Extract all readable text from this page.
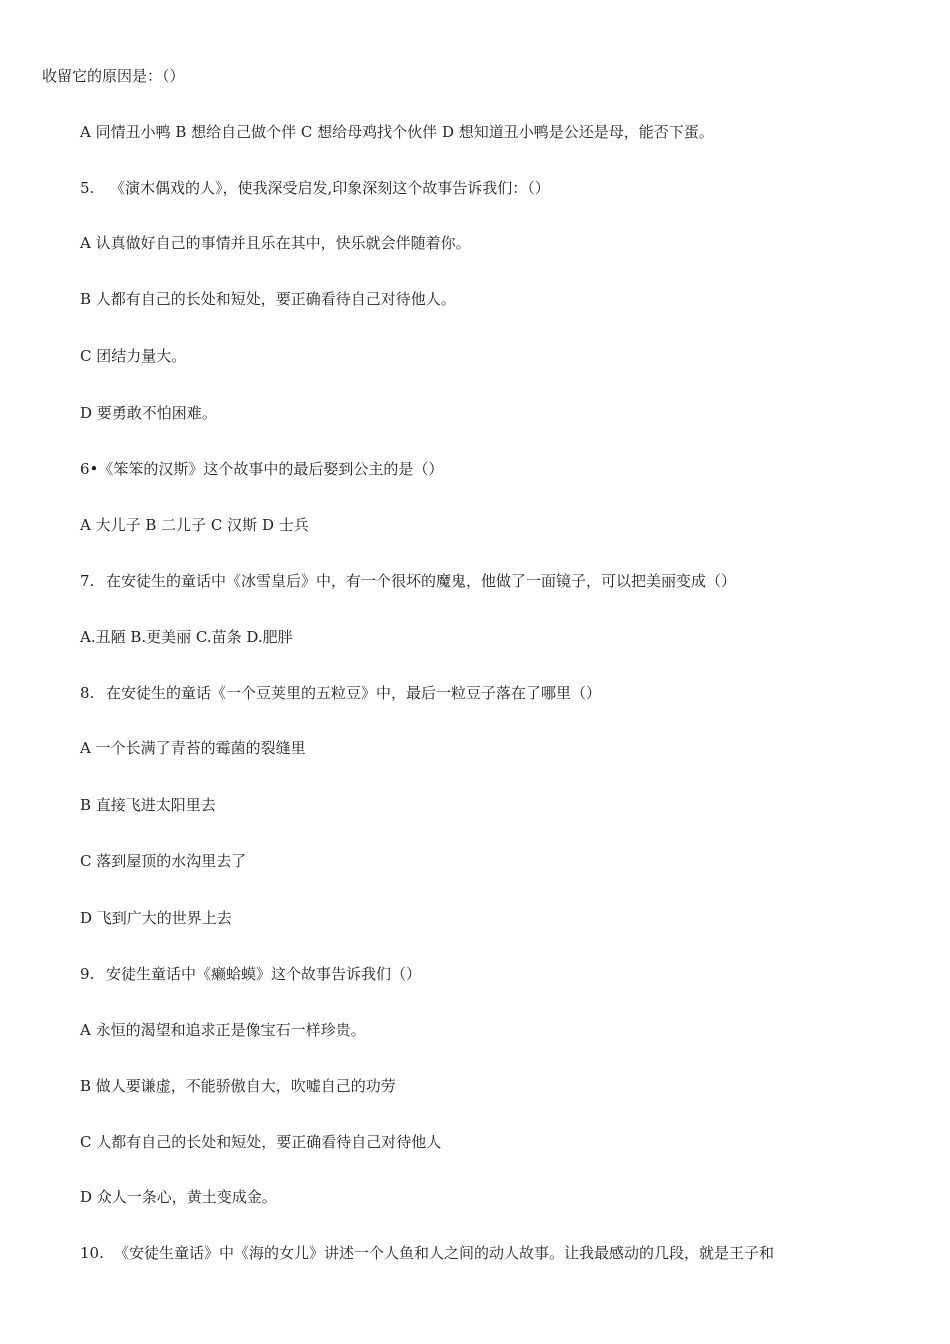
收留它的原因是：（）
A 同情丑小鸭 B 想给自己做个伴 C 想给母鸡找个伙伴 D 想知道丑小鸭是公还是母，能否下蛋。
5. 《演木偶戏的人》，使我深受启发,印象深刻这个故事告诉我们：（）
A 认真做好自己的事情并且乐在其中，快乐就会伴随着你。
B 人都有自己的长处和短处，要正确看待自己对待他人。
C 团结力量大。
D 要勇敢不怕困难。
6•《笨笨的汉斯》这个故事中的最后娶到公主的是（）
A 大儿子 B 二儿子 C 汉斯 D 士兵
7. 在安徒生的童话中《冰雪皇后》中，有一个很坏的魔鬼，他做了一面镜子，可以把美丽变成（）
A.丑陋 B.更美丽 C.苗条 D.肥胖
8. 在安徒生的童话《一个豆荚里的五粒豆》中，最后一粒豆子落在了哪里（）
A 一个长满了青苔的霉菌的裂缝里
B 直接飞进太阳里去
C 落到屋顶的水沟里去了
D 飞到广大的世界上去
9. 安徒生童话中《癞蛤蟆》这个故事告诉我们（）
A 永恒的渴望和追求正是像宝石一样珍贵。
B 做人要谦虚，不能骄傲自大，吹嘘自己的功劳
C 人都有自己的长处和短处，要正确看待自己对待他人
D 众人一条心，黄土变成金。
10. 《安徒生童话》中《海的女儿》讲述一个人鱼和人之间的动人故事。让我最感动的几段，就是王子和
